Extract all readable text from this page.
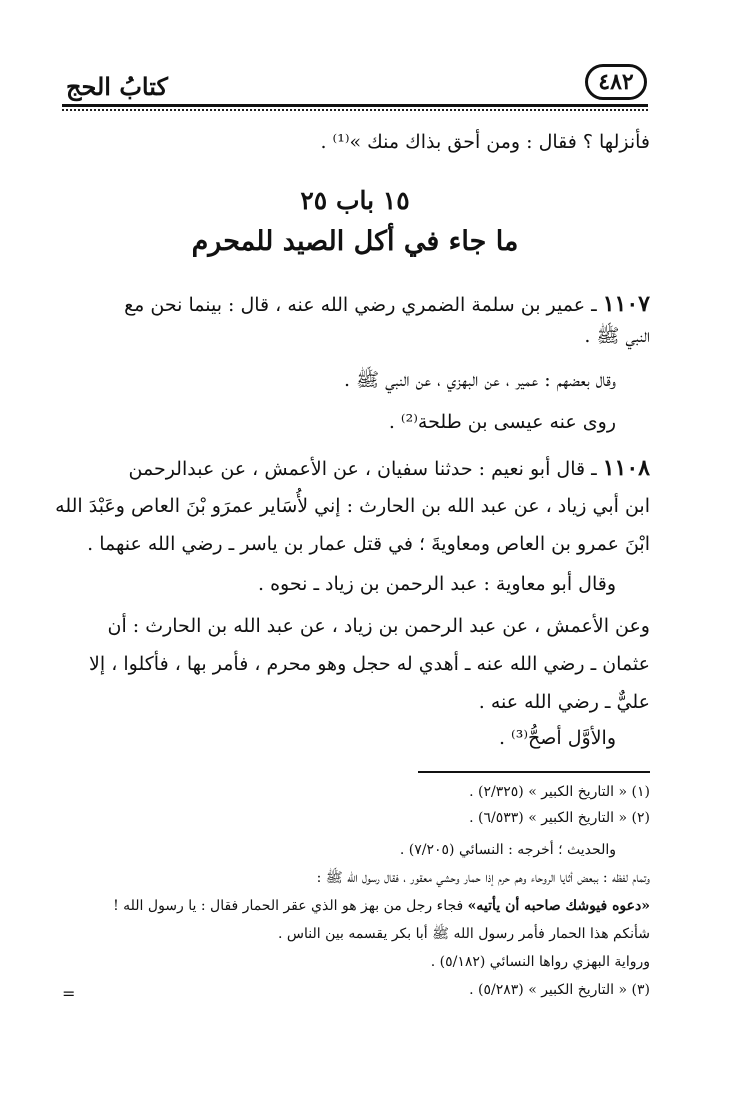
كتابُ الحج	٤٨٢
فأنزلها ؟ فقال : ومن أحق بذاك منك »⁽¹⁾ .
١٥ باب ٢٥
ما جاء في أكل الصيد للمحرم
١١٠٧ ـ عمير بن سلمة الضمري رضي الله عنه ، قال : بينما نحن مع
النبي ﷺ .
وقال بعضهم : عمير ، عن البهزي ، عن النبي ﷺ .
روى عنه عيسى بن طلحة⁽²⁾ .
١١٠٨ ـ قال أبو نعيم : حدثنا سفيان ، عن الأعمش ، عن عبدالرحمن
ابن أبي زياد ، عن عبد الله بن الحارث : إني لأُسَاير عمرَو بْنَ العاص وعَبْدَ الله
ابْنَ عمرو بن العاص ومعاويةَ ؛ في قتل عمار بن ياسر ـ رضي الله عنهما .
وقال أبو معاوية : عبد الرحمن بن زياد ـ نحوه .
وعن الأعمش ، عن عبد الرحمن بن زياد ، عن عبد الله بن الحارث : أن
عثمان ـ رضي الله عنه ـ أهدي له حجل وهو محرم ، فأمر بها ، فأكلوا ، إلا
عليٌّ ـ رضي الله عنه .
والأوَّل أصحُّ⁽³⁾ .
(١) « التاريخ الكبير » (٢/٣٢٥) .
(٢) « التاريخ الكبير » (٦/٥٣٣) .
والحديث ؛ أخرجه : النسائي (٧/٢٠٥) .
وتمام لفظه : ببعض أثايا الروحاء وهم حرم إذا حمار وحشي معقور ، فقال رسول الله ﷺ :
«دعوه فيوشك صاحبه أن يأتيه» فجاء رجل من بهز هو الذي عقر الحمار فقال : يا رسول الله !
شأنكم هذا الحمار فأمر رسول الله ﷺ أبا بكر يقسمه بين الناس .
ورواية البهزي رواها النسائي (٥/١٨٢) .
(٣) « التاريخ الكبير » (٥/٢٨٣) .
=
